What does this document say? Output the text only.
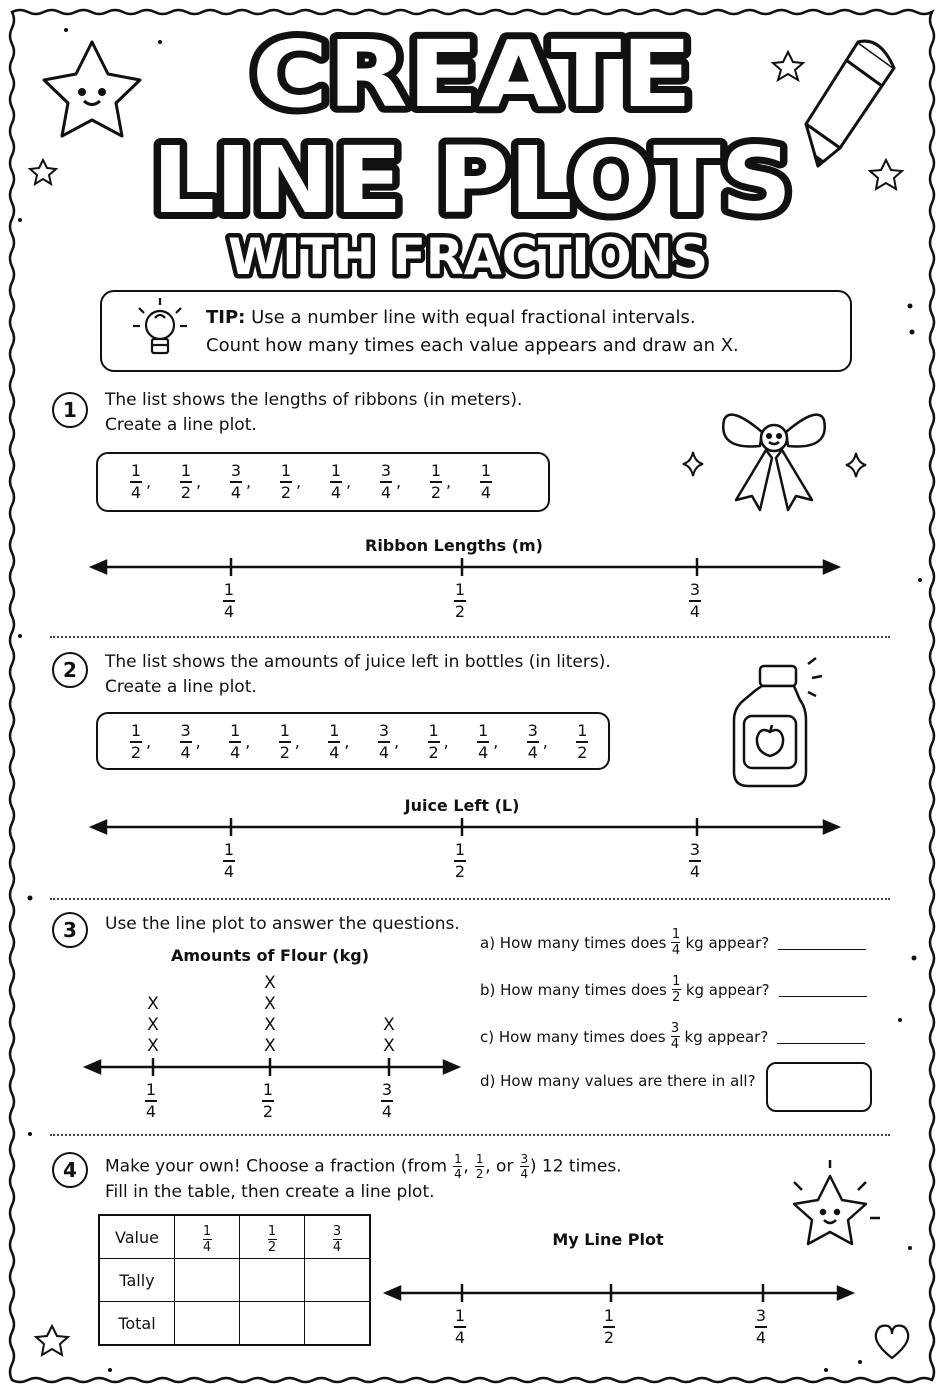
CREATE
LINE PLOTS
WITH FRACTIONS
TIP: Use a number line with equal fractional intervals.
Count how many times each value appears and draw an X.
1	The list shows the lengths of ribbons (in meters).
Create a line plot.
1
4
,
1
2
,
3
4
,
1
2
,
1
4
,
3
4
,
1
2
,
1
4
Ribbon Lengths (m)
2	The list shows the amounts of juice left in bottles (in liters).
Create a line plot.
1
2
,
3
4
,
1
4
,
1
2
,
1
4
,
3
4
,
1
2
,
1
4
,
3
4
,
1
2
Juice Left (L)
3	Use the line plot to answer the questions.
Amounts of Flour (kg)
X
X
X
X
X
X
X
X
X
a) How many times does $\frac{1}{4}$ kg appear?
b) How many times does $\frac{1}{2}$ kg appear?
c) How many times does $\frac{3}{4}$ kg appear?
d) How many values are there in all?
4	Make your own! Choose a fraction (from $\frac{1}{4}$ , $\frac{1}{2}$ , or $\frac{3}{4}$ ) 12 times.
Fill in the table, then create a line plot.
Value	$\frac{1}{4}$	$\frac{1}{2}$	$\frac{3}{4}$

Tally			
Total			
My Line Plot
1
4
1
2
3
4
1
4
1
2
3
4
1
4
1
2
3
4
1
4
1
2
3
4
